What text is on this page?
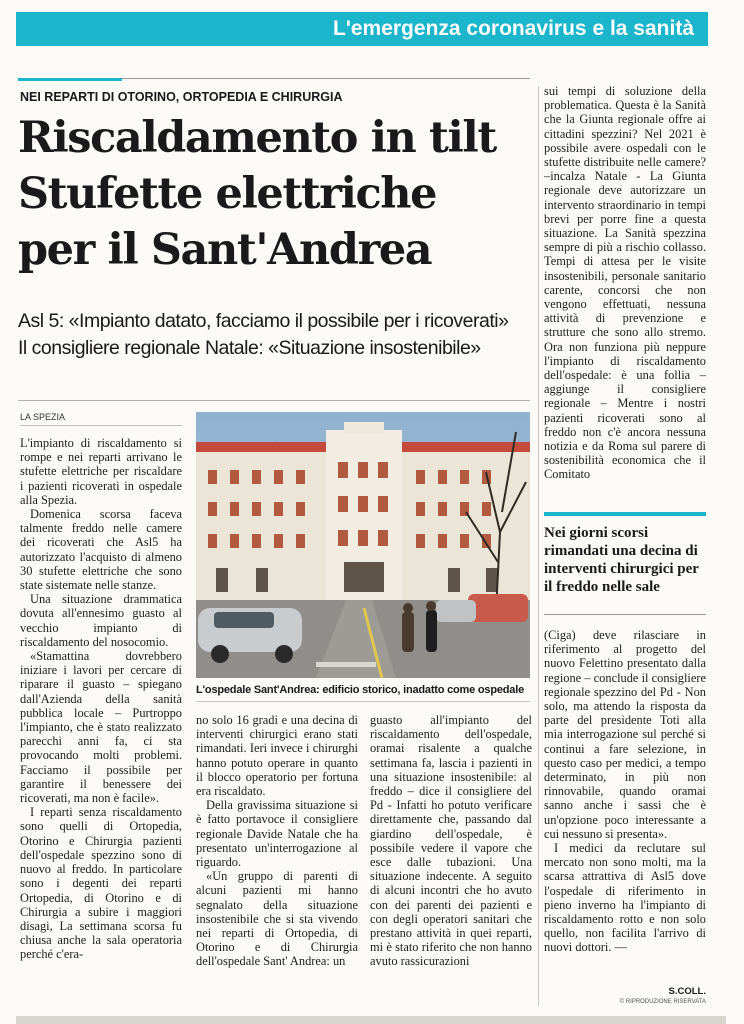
L'emergenza coronavirus e la sanità
NEI REPARTI DI OTORINO, ORTOPEDIA E CHIRURGIA
Riscaldamento in tilt
Stufette elettriche
per il Sant'Andrea
Asl 5: «Impianto datato, facciamo il possibile per i ricoverati»
Il consigliere regionale Natale: «Situazione insostenibile»
LA SPEZIA

L'impianto di riscaldamento si rompe e nei reparti arrivano le stufette elettriche per riscaldare i pazienti ricoverati in ospedale alla Spezia.

Domenica scorsa faceva talmente freddo nelle camere dei ricoverati che Asl5 ha autorizzato l'acquisto di almeno 30 stufette elettriche che sono state sistemate nelle stanze.

Una situazione drammatica dovuta all'ennesimo guasto al vecchio impianto di riscaldamento del nosocomio.

«Stamattina dovrebbero iniziare i lavori per cercare di riparare il guasto – spiegano dall'Azienda della sanità pubblica locale – Purtroppo l'impianto, che è stato realizzato parecchi anni fa, ci sta provocando molti problemi. Facciamo il possibile per garantire il benessere dei ricoverati, ma non è facile».

I reparti senza riscaldamento sono quelli di Ortopedia, Otorino e Chirurgia pazienti dell'ospedale spezzino sono di nuovo al freddo. In particolare sono i degenti dei reparti Ortopedia, di Otorino e di Chirurgia a subire i maggiori disagi, La settimana scorsa fu chiusa anche la sala operatoria perché c'era-

L'ospedale Sant'Andrea: edificio storico, inadatto come ospedale

no solo 16 gradi e una decina di interventi chirurgici erano stati rimandati. Ieri invece i chirurghi hanno potuto operare in quanto il blocco operatorio per fortuna era riscaldato.

Della gravissima situazione si è fatto portavoce il consigliere regionale Davide Natale che ha presentato un'interrogazione al riguardo.

«Un gruppo di parenti di alcuni pazienti mi hanno segnalato della situazione insostenibile che si sta vivendo nei reparti di Ortopedia, di Otorino e di Chirurgia dell'ospedale Sant' Andrea: un

guasto all'impianto del riscaldamento dell'ospedale, oramai risalente a qualche settimana fa, lascia i pazienti in una situazione insostenibile: al freddo – dice il consigliere del Pd - Infatti ho potuto verificare direttamente che, passando dal giardino dell'ospedale, è possibile vedere il vapore che esce dalle tubazioni. Una situazione indecente. A seguito di alcuni incontri che ho avuto con dei parenti dei pazienti e con degli operatori sanitari che prestano attività in quei reparti, mi è stato riferito che non hanno avuto rassicurazioni

sui tempi di soluzione della problematica. Questa è la Sanità che la Giunta regionale offre ai cittadini spezzini? Nel 2021 è possibile avere ospedali con le stufette distribuite nelle camere? –incalza Natale - La Giunta regionale deve autorizzare un intervento straordinario in tempi brevi per porre fine a questa situazione. La Sanità spezzina sempre di più a rischio collasso. Tempi di attesa per le visite insostenibili, personale sanitario carente, concorsi che non vengono effettuati, nessuna attività di prevenzione e strutture che sono allo stremo. Ora non funziona più neppure l'impianto di riscaldamento dell'ospedale: è una follia – aggiunge il consigliere regionale – Mentre i nostri pazienti ricoverati sono al freddo non c'è ancora nessuna notizia e da Roma sul parere di sostenibilità economica che il Comitato

Nei giorni scorsi rimandati una decina di interventi chirurgici per il freddo nelle sale

(Ciga) deve rilasciare in riferimento al progetto del nuovo Felettino presentato dalla regione – conclude il consigliere regionale spezzino del Pd - Non solo, ma attendo la risposta da parte del presidente Toti alla mia interrogazione sul perché si continui a fare selezione, in questo caso per medici, a tempo determinato, in più non rinnovabile, quando oramai sanno anche i sassi che è un'opzione poco interessante a cui nessuno si presenta».

I medici da reclutare sul mercato non sono molti, ma la scarsa attrattiva di Asl5 dove l'ospedale di riferimento in pieno inverno ha l'impianto di riscaldamento rotto e non solo quello, non facilita l'arrivo di nuovi dottori. —

S.COLL.
© RIPRODUZIONE RISERVATA
